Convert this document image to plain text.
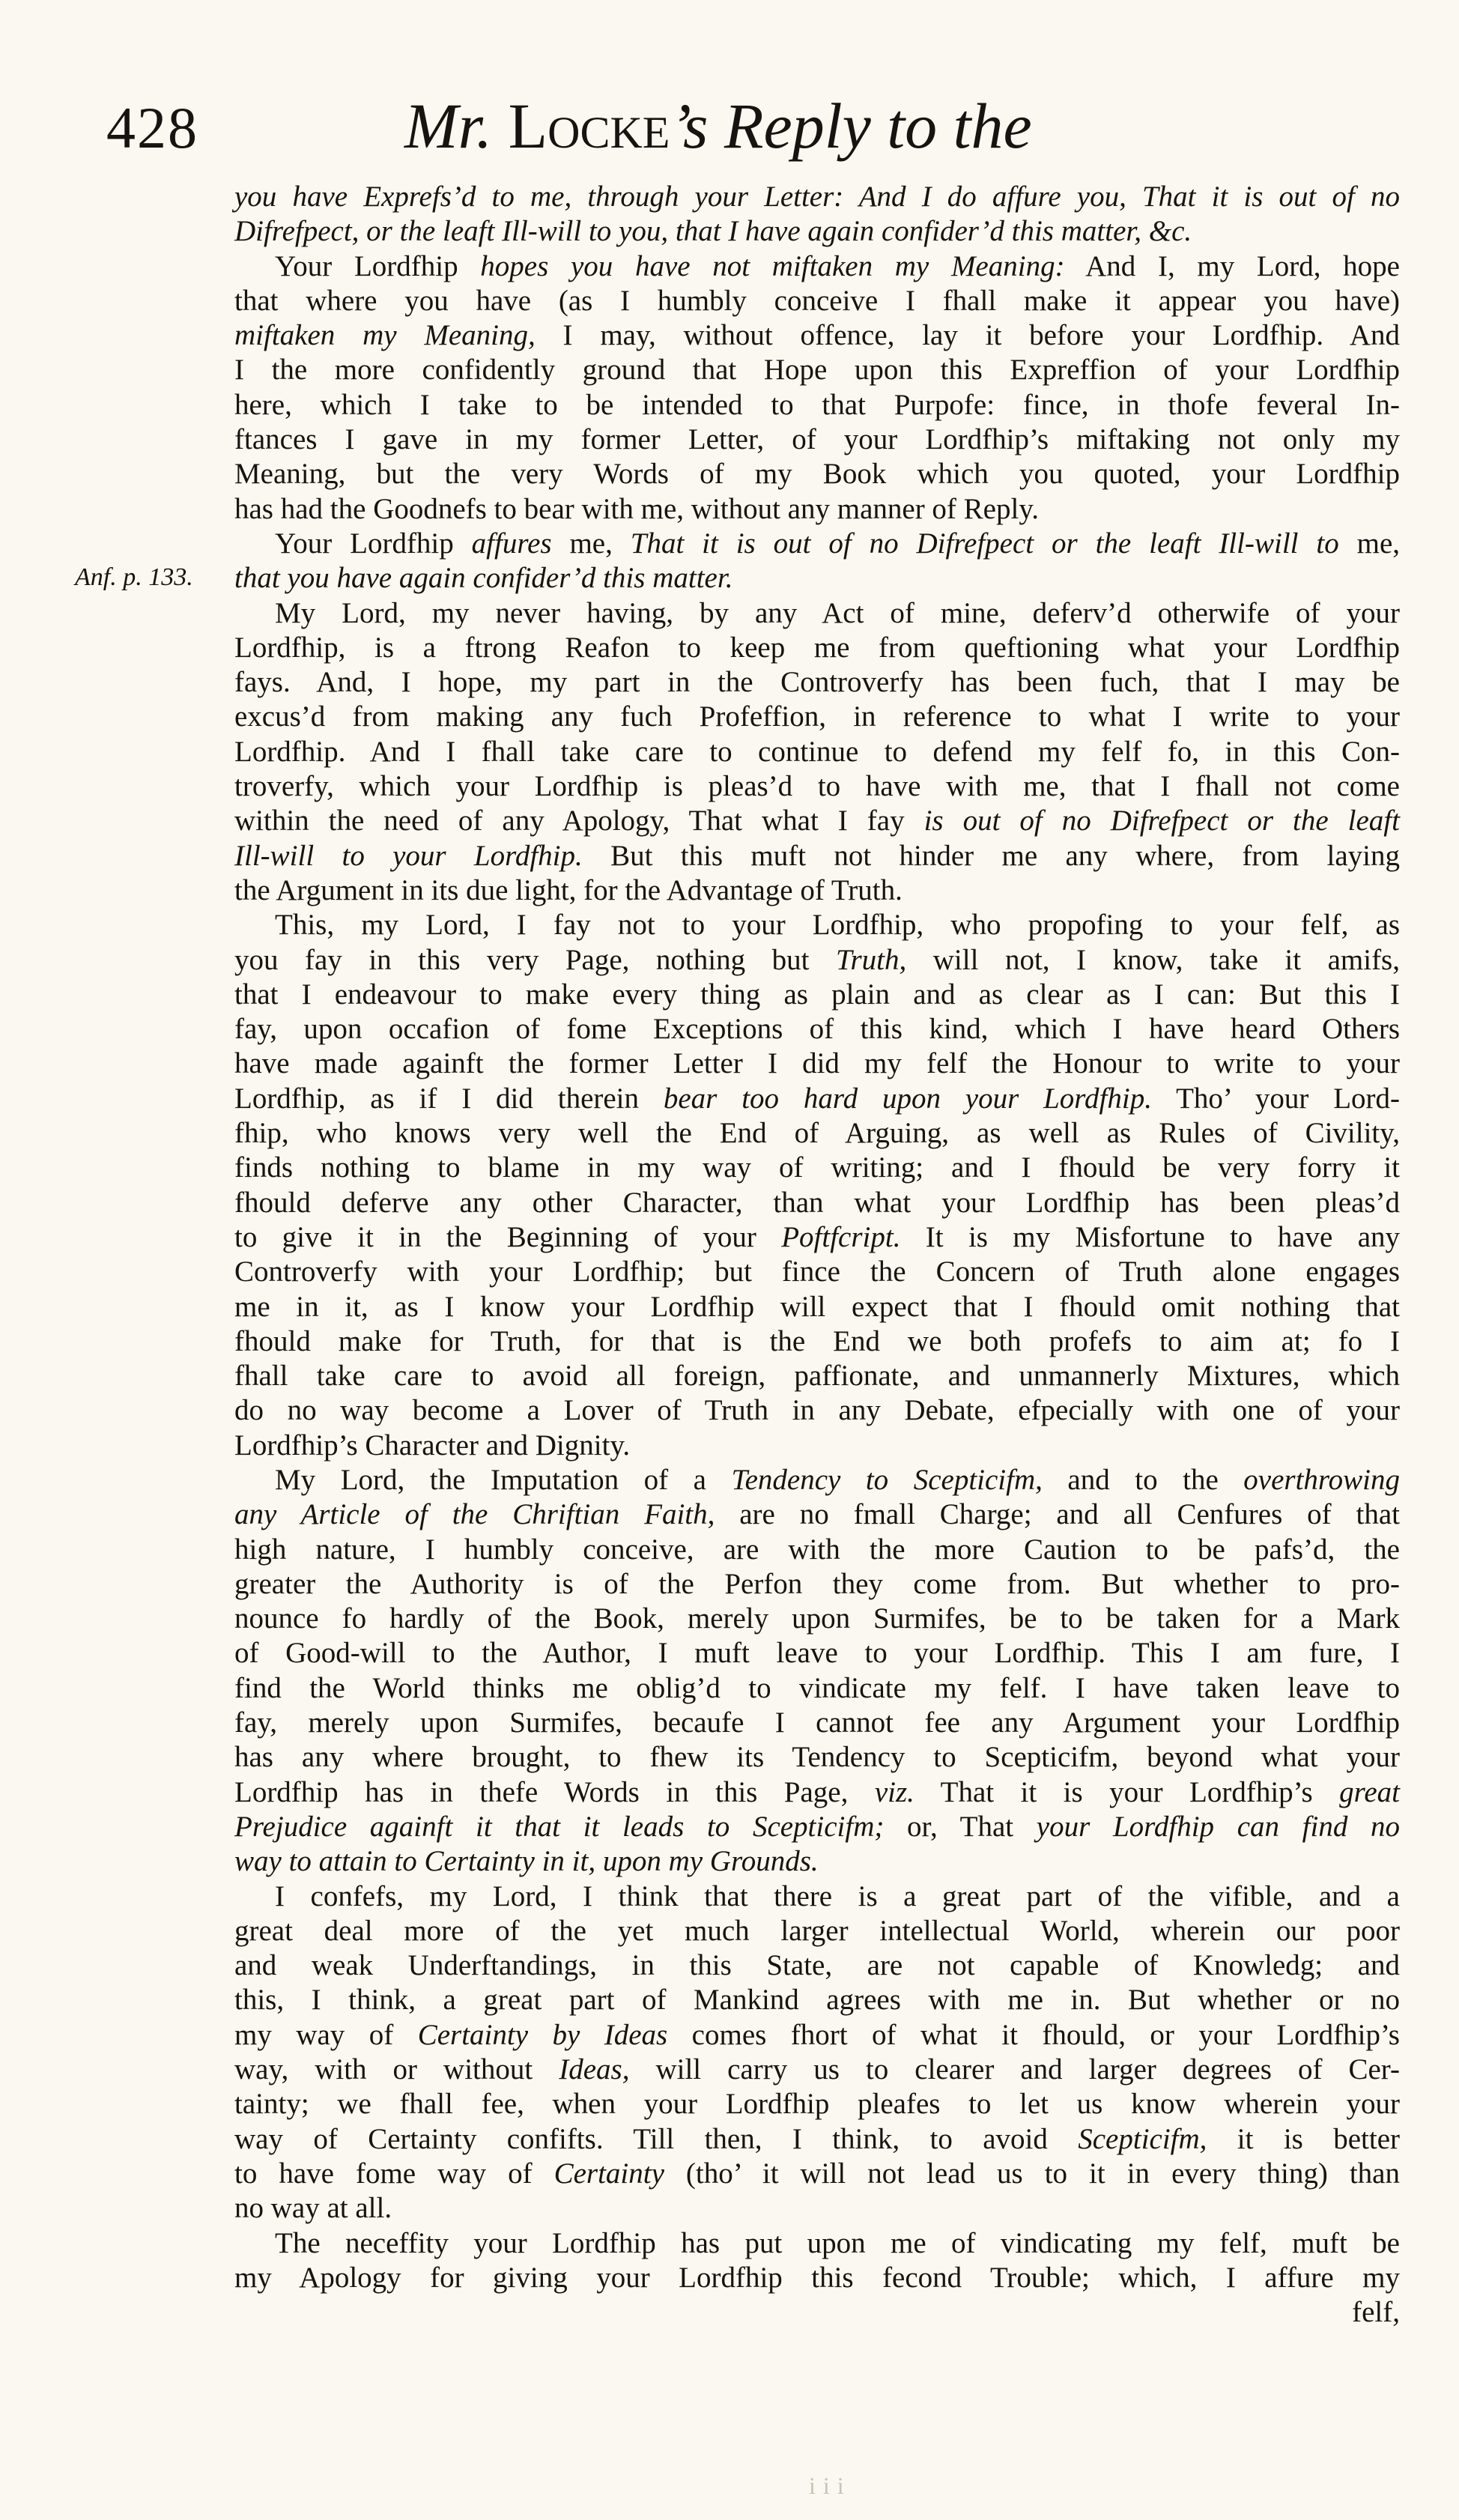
428	Mr. Locke’s Reply to the
Anf. p. 133.
you have Exprefs’d to me, through your Letter: And I do affure you, That it is out of no
Difrefpect, or the leaft Ill-will to you, that I have again confider’d this matter, &c.
Your Lordfhip hopes you have not miftaken my Meaning: And I, my Lord, hope
that where you have (as I humbly conceive I fhall make it appear you have)
miftaken my Meaning, I may, without offence, lay it before your Lordfhip. And
I the more confidently ground that Hope upon this Expreffion of your Lordfhip
here, which I take to be intended to that Purpofe: fince, in thofe feveral In-
ftances I gave in my former Letter, of your Lordfhip’s miftaking not only my
Meaning, but the very Words of my Book which you quoted, your Lordfhip
has had the Goodnefs to bear with me, without any manner of Reply.
Your Lordfhip affures me, That it is out of no Difrefpect or the leaft Ill-will to me,
that you have again confider’d this matter.
My Lord, my never having, by any Act of mine, deferv’d otherwife of your
Lordfhip, is a ftrong Reafon to keep me from queftioning what your Lordfhip
fays. And, I hope, my part in the Controverfy has been fuch, that I may be
excus’d from making any fuch Profeffion, in reference to what I write to your
Lordfhip. And I fhall take care to continue to defend my felf fo, in this Con-
troverfy, which your Lordfhip is pleas’d to have with me, that I fhall not come
within the need of any Apology, That what I fay is out of no Difrefpect or the leaft
Ill-will to your Lordfhip. But this muft not hinder me any where, from laying
the Argument in its due light, for the Advantage of Truth.
This, my Lord, I fay not to your Lordfhip, who propofing to your felf, as
you fay in this very Page, nothing but Truth, will not, I know, take it amifs,
that I endeavour to make every thing as plain and as clear as I can: But this I
fay, upon occafion of fome Exceptions of this kind, which I have heard Others
have made againft the former Letter I did my felf the Honour to write to your
Lordfhip, as if I did therein bear too hard upon your Lordfhip. Tho’ your Lord-
fhip, who knows very well the End of Arguing, as well as Rules of Civility,
finds nothing to blame in my way of writing; and I fhould be very forry it
fhould deferve any other Character, than what your Lordfhip has been pleas’d
to give it in the Beginning of your Poftfcript. It is my Misfortune to have any
Controverfy with your Lordfhip; but fince the Concern of Truth alone engages
me in it, as I know your Lordfhip will expect that I fhould omit nothing that
fhould make for Truth, for that is the End we both profefs to aim at; fo I
fhall take care to avoid all foreign, paffionate, and unmannerly Mixtures, which
do no way become a Lover of Truth in any Debate, efpecially with one of your
Lordfhip’s Character and Dignity.
My Lord, the Imputation of a Tendency to Scepticifm, and to the overthrowing
any Article of the Chriftian Faith, are no fmall Charge; and all Cenfures of that
high nature, I humbly conceive, are with the more Caution to be pafs’d, the
greater the Authority is of the Perfon they come from. But whether to pro-
nounce fo hardly of the Book, merely upon Surmifes, be to be taken for a Mark
of Good-will to the Author, I muft leave to your Lordfhip. This I am fure, I
find the World thinks me oblig’d to vindicate my felf. I have taken leave to
fay, merely upon Surmifes, becaufe I cannot fee any Argument your Lordfhip
has any where brought, to fhew its Tendency to Scepticifm, beyond what your
Lordfhip has in thefe Words in this Page, viz. That it is your Lordfhip’s great
Prejudice againft it that it leads to Scepticifm; or, That your Lordfhip can find no
way to attain to Certainty in it, upon my Grounds.
I confefs, my Lord, I think that there is a great part of the vifible, and a
great deal more of the yet much larger intellectual World, wherein our poor
and weak Underftandings, in this State, are not capable of Knowledg; and
this, I think, a great part of Mankind agrees with me in. But whether or no
my way of Certainty by Ideas comes fhort of what it fhould, or your Lordfhip’s
way, with or without Ideas, will carry us to clearer and larger degrees of Cer-
tainty; we fhall fee, when your Lordfhip pleafes to let us know wherein your
way of Certainty confifts. Till then, I think, to avoid Scepticifm, it is better
to have fome way of Certainty (tho’ it will not lead us to it in every thing) than
no way at all.
The neceffity your Lordfhip has put upon me of vindicating my felf, muft be
my Apology for giving your Lordfhip this fecond Trouble; which, I affure my
felf,
iii
